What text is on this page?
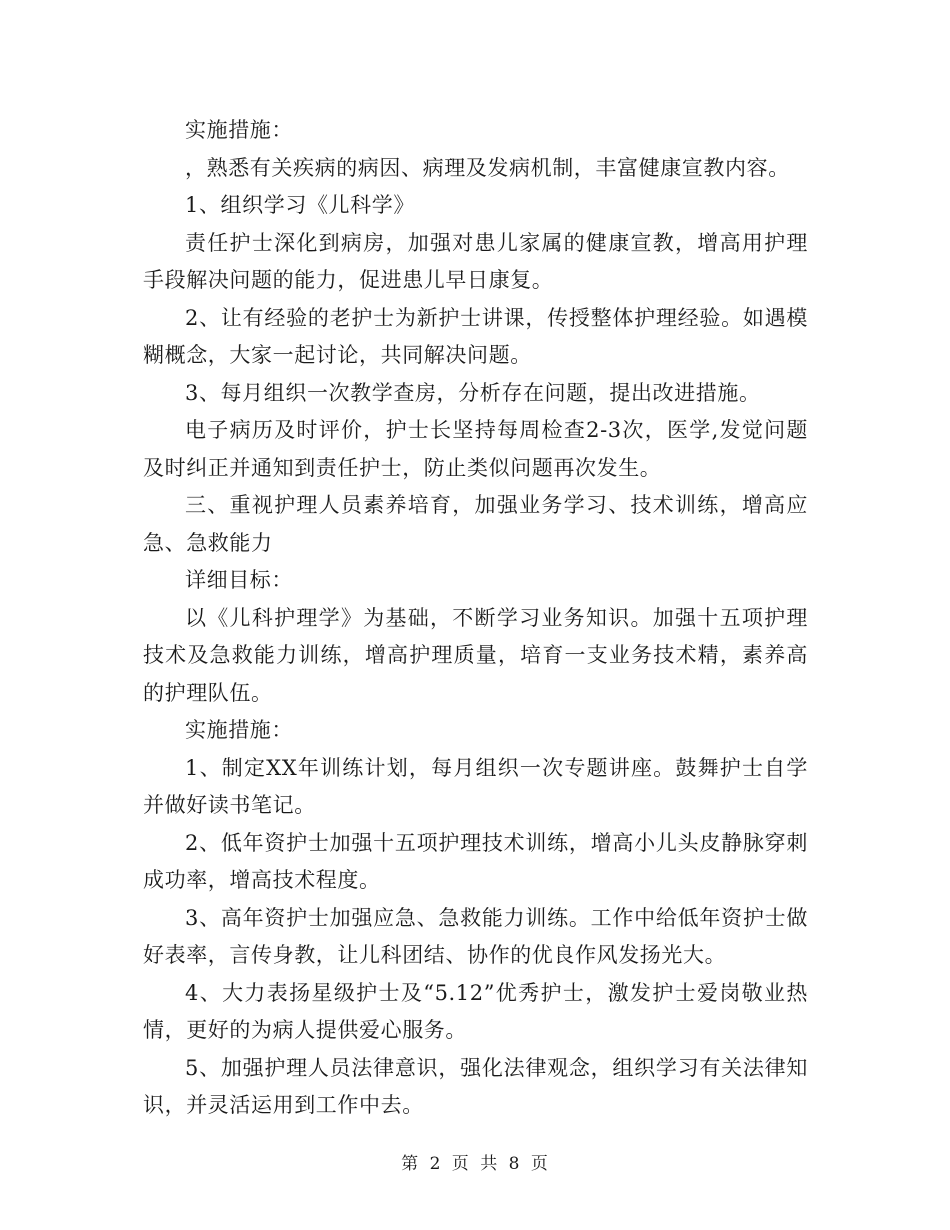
实施措施：

，熟悉有关疾病的病因、病理及发病机制，丰富健康宣教内容。

1、组织学习《儿科学》

责任护士深化到病房，加强对患儿家属的健康宣教，增高用护理手段解决问题的能力，促进患儿早日康复。

2、让有经验的老护士为新护士讲课，传授整体护理经验。如遇模糊概念，大家一起讨论，共同解决问题。

3、每月组织一次教学查房，分析存在问题，提出改进措施。

电子病历及时评价，护士长坚持每周检查2-3次，医学,发觉问题及时纠正并通知到责任护士，防止类似问题再次发生。

三、重视护理人员素养培育，加强业务学习、技术训练，增高应急、急救能力

详细目标：

以《儿科护理学》为基础，不断学习业务知识。加强十五项护理技术及急救能力训练，增高护理质量，培育一支业务技术精，素养高的护理队伍。

实施措施：

1、制定XX年训练计划，每月组织一次专题讲座。鼓舞护士自学并做好读书笔记。

2、低年资护士加强十五项护理技术训练，增高小儿头皮静脉穿刺成功率，增高技术程度。

3、高年资护士加强应急、急救能力训练。工作中给低年资护士做好表率，言传身教，让儿科团结、协作的优良作风发扬光大。

4、大力表扬星级护士及“5.12”优秀护士，激发护士爱岗敬业热情，更好的为病人提供爱心服务。

5、加强护理人员法律意识，强化法律观念，组织学习有关法律知识，并灵活运用到工作中去。

第 2 页 共 8 页
